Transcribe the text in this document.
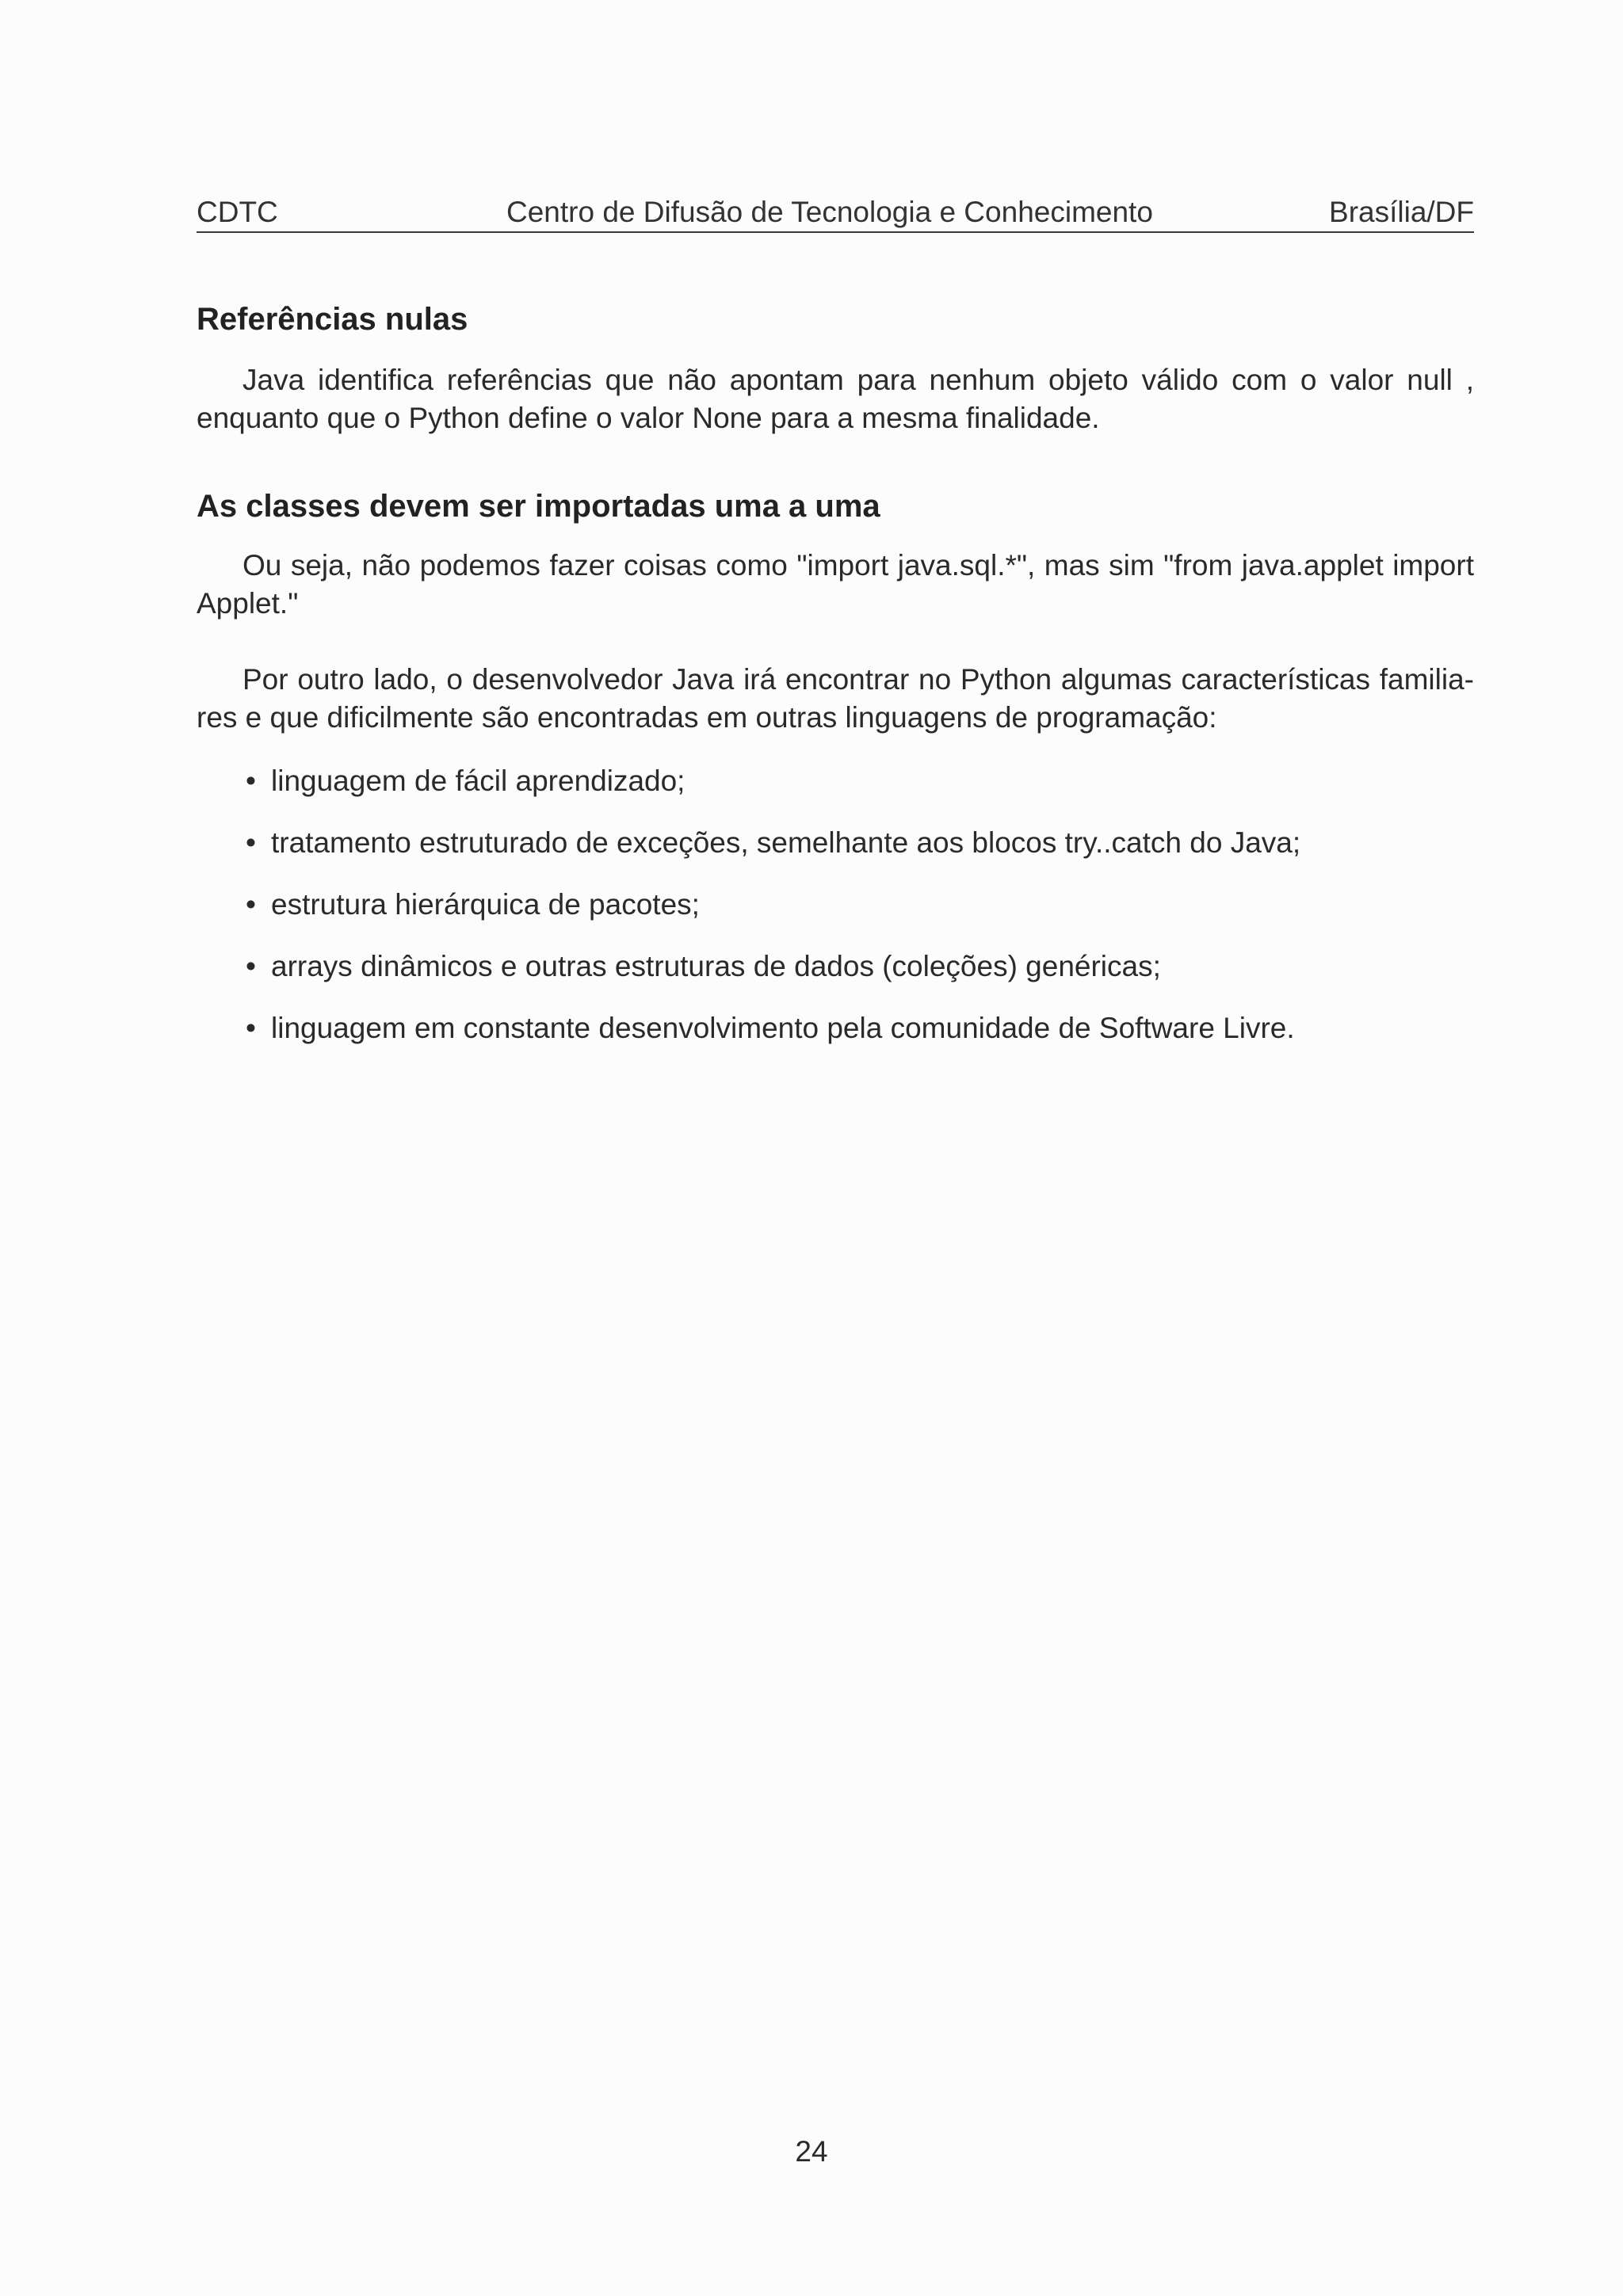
CDTC	Centro de Difusão de Tecnologia e Conhecimento	Brasília/DF
Referências nulas
Java identifica referências que não apontam para nenhum objeto válido com o valor null , enquanto que o Python define o valor None para a mesma finalidade.
As classes devem ser importadas uma a uma
Ou seja, não podemos fazer coisas como "import java.sql.*", mas sim "from java.applet import Applet."
Por outro lado, o desenvolvedor Java irá encontrar no Python algumas características familia-res e que dificilmente são encontradas em outras linguagens de programação:
• linguagem de fácil aprendizado;
• tratamento estruturado de exceções, semelhante aos blocos try..catch do Java;
• estrutura hierárquica de pacotes;
• arrays dinâmicos e outras estruturas de dados (coleções) genéricas;
• linguagem em constante desenvolvimento pela comunidade de Software Livre.
24
